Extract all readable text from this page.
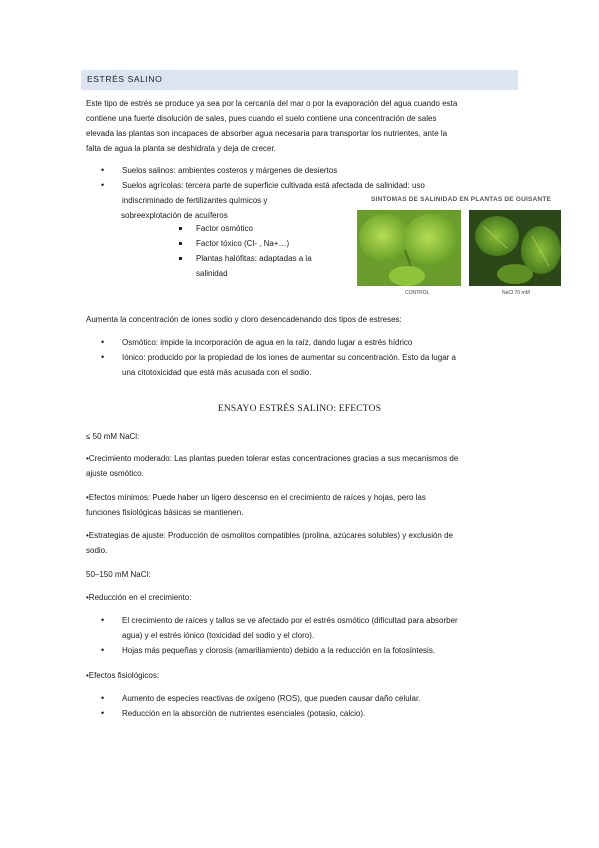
ESTRÉS SALINO

Este tipo de estrés se produce ya sea por la cercanía del mar o por la evaporación del agua cuando esta

contiene una fuerte disolución de sales, pues cuando el suelo contiene una concentración de sales

elevada las plantas son incapaces de absorber agua necesaria para transportar los nutrientes, ante la

falta de agua la planta se deshidrata y deja de crecer.

• Suelos salinos: ambientes costeros y márgenes de desiertos
• Suelos agrícolas: tercera parte de superficie cultivada está afectada de salinidad: uso
indiscriminado de fertilizantes químicos y
sobreexplotación de acuíferos
Factor osmótico
Factor tóxico (Cl- , Na+…)
Plantas halófitas: adaptadas a la
salinidad
SINTOMAS DE SALINIDAD EN PLANTAS DE GUISANTE
CONTROL	NaCl 70 mM
Aumenta la concentración de iones sodio y cloro desencadenando dos tipos de estreses:
• Osmótico: impide la incorporación de agua en la raíz, dando lugar a estrés hídrico
• Iónico: producido por la propiedad de los iones de aumentar su concentración. Esto da lugar a
una citotoxicidad que está más acusada con el sodio.
ENSAYO ESTRÉS SALINO: EFECTOS
≤ 50 mM NaCl:

•Crecimiento moderado: Las plantas pueden tolerar estas concentraciones gracias a sus mecanismos de

ajuste osmótico.

•Efectos mínimos: Puede haber un ligero descenso en el crecimiento de raíces y hojas, pero las

funciones fisiológicas básicas se mantienen.

•Estrategias de ajuste: Producción de osmolitos compatibles (prolina, azúcares solubles) y exclusión de

sodio.

50–150 mM NaCl:
•Reducción en el crecimiento:
• El crecimiento de raíces y tallos se ve afectado por el estrés osmótico (dificultad para absorber
agua) y el estrés iónico (toxicidad del sodio y el cloro).
• Hojas más pequeñas y clorosis (amarillamiento) debido a la reducción en la fotosíntesis.
•Efectos fisiológicos:
• Aumento de especies reactivas de oxígeno (ROS), que pueden causar daño celular.
• Reducción en la absorción de nutrientes esenciales (potasio, calcio).
